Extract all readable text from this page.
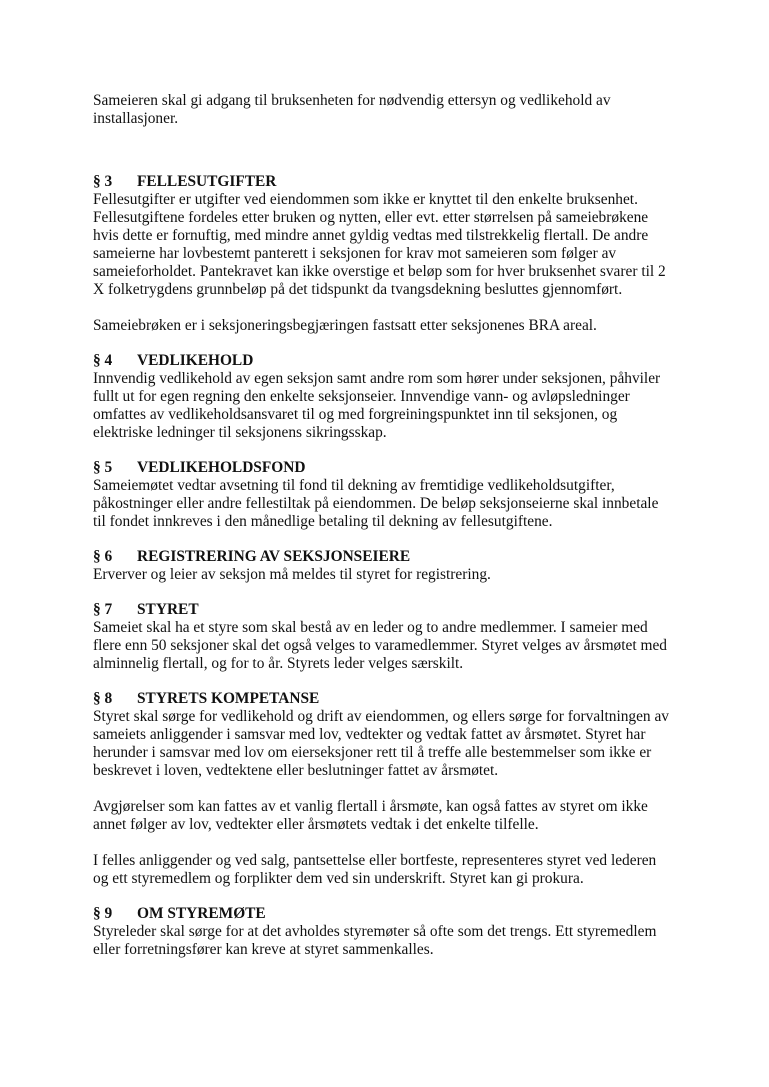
Sameieren skal gi adgang til bruksenheten for nødvendig ettersyn og vedlikehold av
installasjoner.

§ 3	FELLESUTGIFTER

Fellesutgifter er utgifter ved eiendommen som ikke er knyttet til den enkelte bruksenhet.
Fellesutgiftene fordeles etter bruken og nytten, eller evt. etter størrelsen på sameiebrøkene
hvis dette er fornuftig, med mindre annet gyldig vedtas med tilstrekkelig flertall. De andre
sameierne har lovbestemt panterett i seksjonen for krav mot sameieren som følger av
sameieforholdet. Pantekravet kan ikke overstige et beløp som for hver bruksenhet svarer til 2
X folketrygdens grunnbeløp på det tidspunkt da tvangsdekning besluttes gjennomført.

Sameiebrøken er i seksjoneringsbegjæringen fastsatt etter seksjonenes BRA areal.

§ 4	VEDLIKEHOLD

Innvendig vedlikehold av egen seksjon samt andre rom som hører under seksjonen, påhviler
fullt ut for egen regning den enkelte seksjonseier. Innvendige vann- og avløpsledninger
omfattes av vedlikeholdsansvaret til og med forgreiningspunktet inn til seksjonen, og
elektriske ledninger til seksjonens sikringsskap.

§ 5	VEDLIKEHOLDSFOND

Sameiemøtet vedtar avsetning til fond til dekning av fremtidige vedlikeholdsutgifter,
påkostninger eller andre fellestiltak på eiendommen. De beløp seksjonseierne skal innbetale
til fondet innkreves i den månedlige betaling til dekning av fellesutgiftene.

§ 6	REGISTRERING AV SEKSJONSEIERE

Erverver og leier av seksjon må meldes til styret for registrering.

§ 7	STYRET

Sameiet skal ha et styre som skal bestå av en leder og to andre medlemmer. I sameier med
flere enn 50 seksjoner skal det også velges to varamedlemmer. Styret velges av årsmøtet med
alminnelig flertall, og for to år. Styrets leder velges særskilt.

§ 8	STYRETS KOMPETANSE

Styret skal sørge for vedlikehold og drift av eiendommen, og ellers sørge for forvaltningen av
sameiets anliggender i samsvar med lov, vedtekter og vedtak fattet av årsmøtet. Styret har
herunder i samsvar med lov om eierseksjoner rett til å treffe alle bestemmelser som ikke er
beskrevet i loven, vedtektene eller beslutninger fattet av årsmøtet.

Avgjørelser som kan fattes av et vanlig flertall i årsmøte, kan også fattes av styret om ikke
annet følger av lov, vedtekter eller årsmøtets vedtak i det enkelte tilfelle.

I felles anliggender og ved salg, pantsettelse eller bortfeste, representeres styret ved lederen
og ett styremedlem og forplikter dem ved sin underskrift. Styret kan gi prokura.

§ 9	OM STYREMØTE

Styreleder skal sørge for at det avholdes styremøter så ofte som det trengs. Ett styremedlem
eller forretningsfører kan kreve at styret sammenkalles.
